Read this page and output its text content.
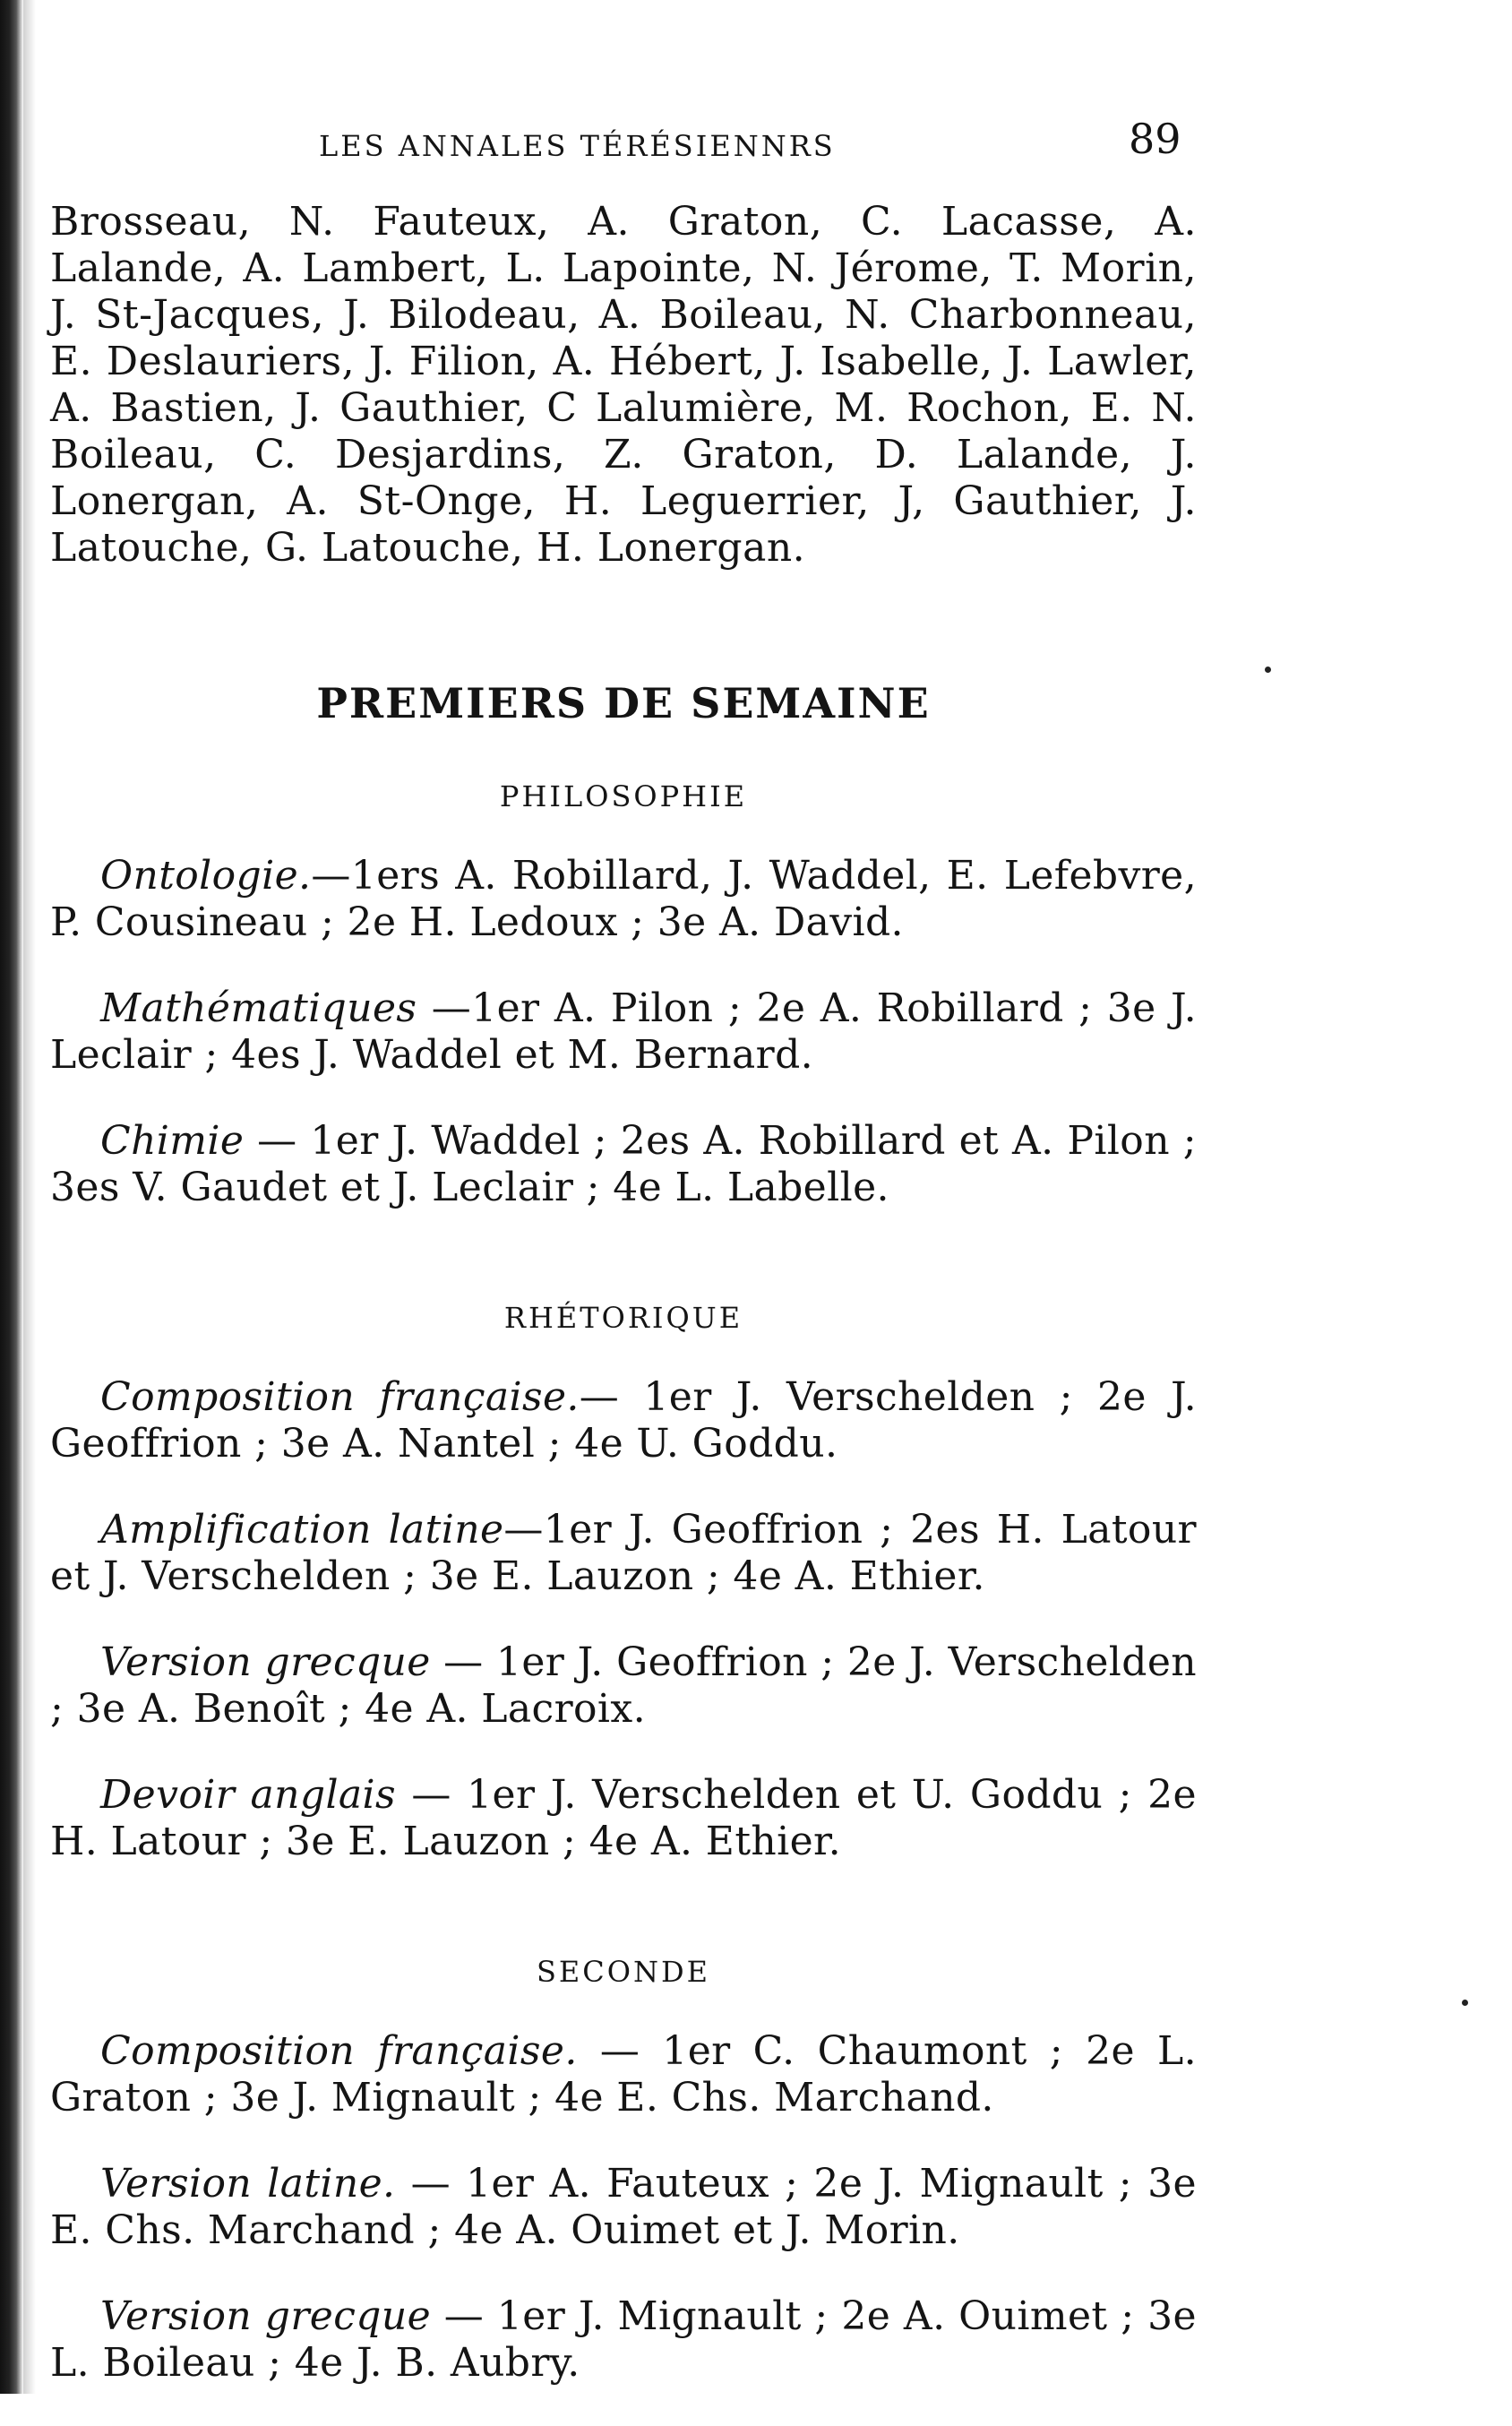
LES ANNALES TÉRÉSIENNRS	89

Brosseau, N. Fauteux, A. Graton, C. Lacasse, A. Lalande, A. Lambert, L. Lapointe, N. Jérome, T. Morin, J. St-Jacques, J. Bilodeau, A. Boileau, N. Charbonneau, E. Deslauriers, J. Filion, A. Hébert, J. Isabelle, J. Lawler, A. Bastien, J. Gauthier, C Lalumière, M. Rochon, E. N. Boileau, C. Desjardins, Z. Graton, D. Lalande, J. Lonergan, A. St-Onge, H. Leguerrier, J, Gauthier, J. Latouche, G. Latouche, H. Lonergan.

PREMIERS DE SEMAINE
PHILOSOPHIE

Ontologie.—1ers A. Robillard, J. Waddel, E. Lefebvre, P. Cousineau ; 2e H. Ledoux ; 3e A. David.

Mathématiques —1er A. Pilon ; 2e A. Robillard ; 3e J. Leclair ; 4es J. Waddel et M. Bernard.

Chimie — 1er J. Waddel ; 2es A. Robillard et A. Pilon ; 3es V. Gaudet et J. Leclair ; 4e L. Labelle.

RHÉTORIQUE

Composition française.— 1er J. Verschelden ; 2e J. Geoffrion ; 3e A. Nantel ; 4e U. Goddu.

Amplification latine—1er J. Geoffrion ; 2es H. Latour et J. Verschelden ; 3e E. Lauzon ; 4e A. Ethier.

Version grecque — 1er J. Geoffrion ; 2e J. Verschelden ; 3e A. Benoît ; 4e A. Lacroix.

Devoir anglais — 1er J. Verschelden et U. Goddu ; 2e H. Latour ; 3e E. Lauzon ; 4e A. Ethier.

SECONDE

Composition française. — 1er C. Chaumont ; 2e L. Graton ; 3e J. Mignault ; 4e E. Chs. Marchand.

Version latine. — 1er A. Fauteux ; 2e J. Mignault ; 3e E. Chs. Marchand ; 4e A. Ouimet et J. Morin.

Version grecque — 1er J. Mignault ; 2e A. Ouimet ; 3e L. Boileau ; 4e J. B. Aubry.
